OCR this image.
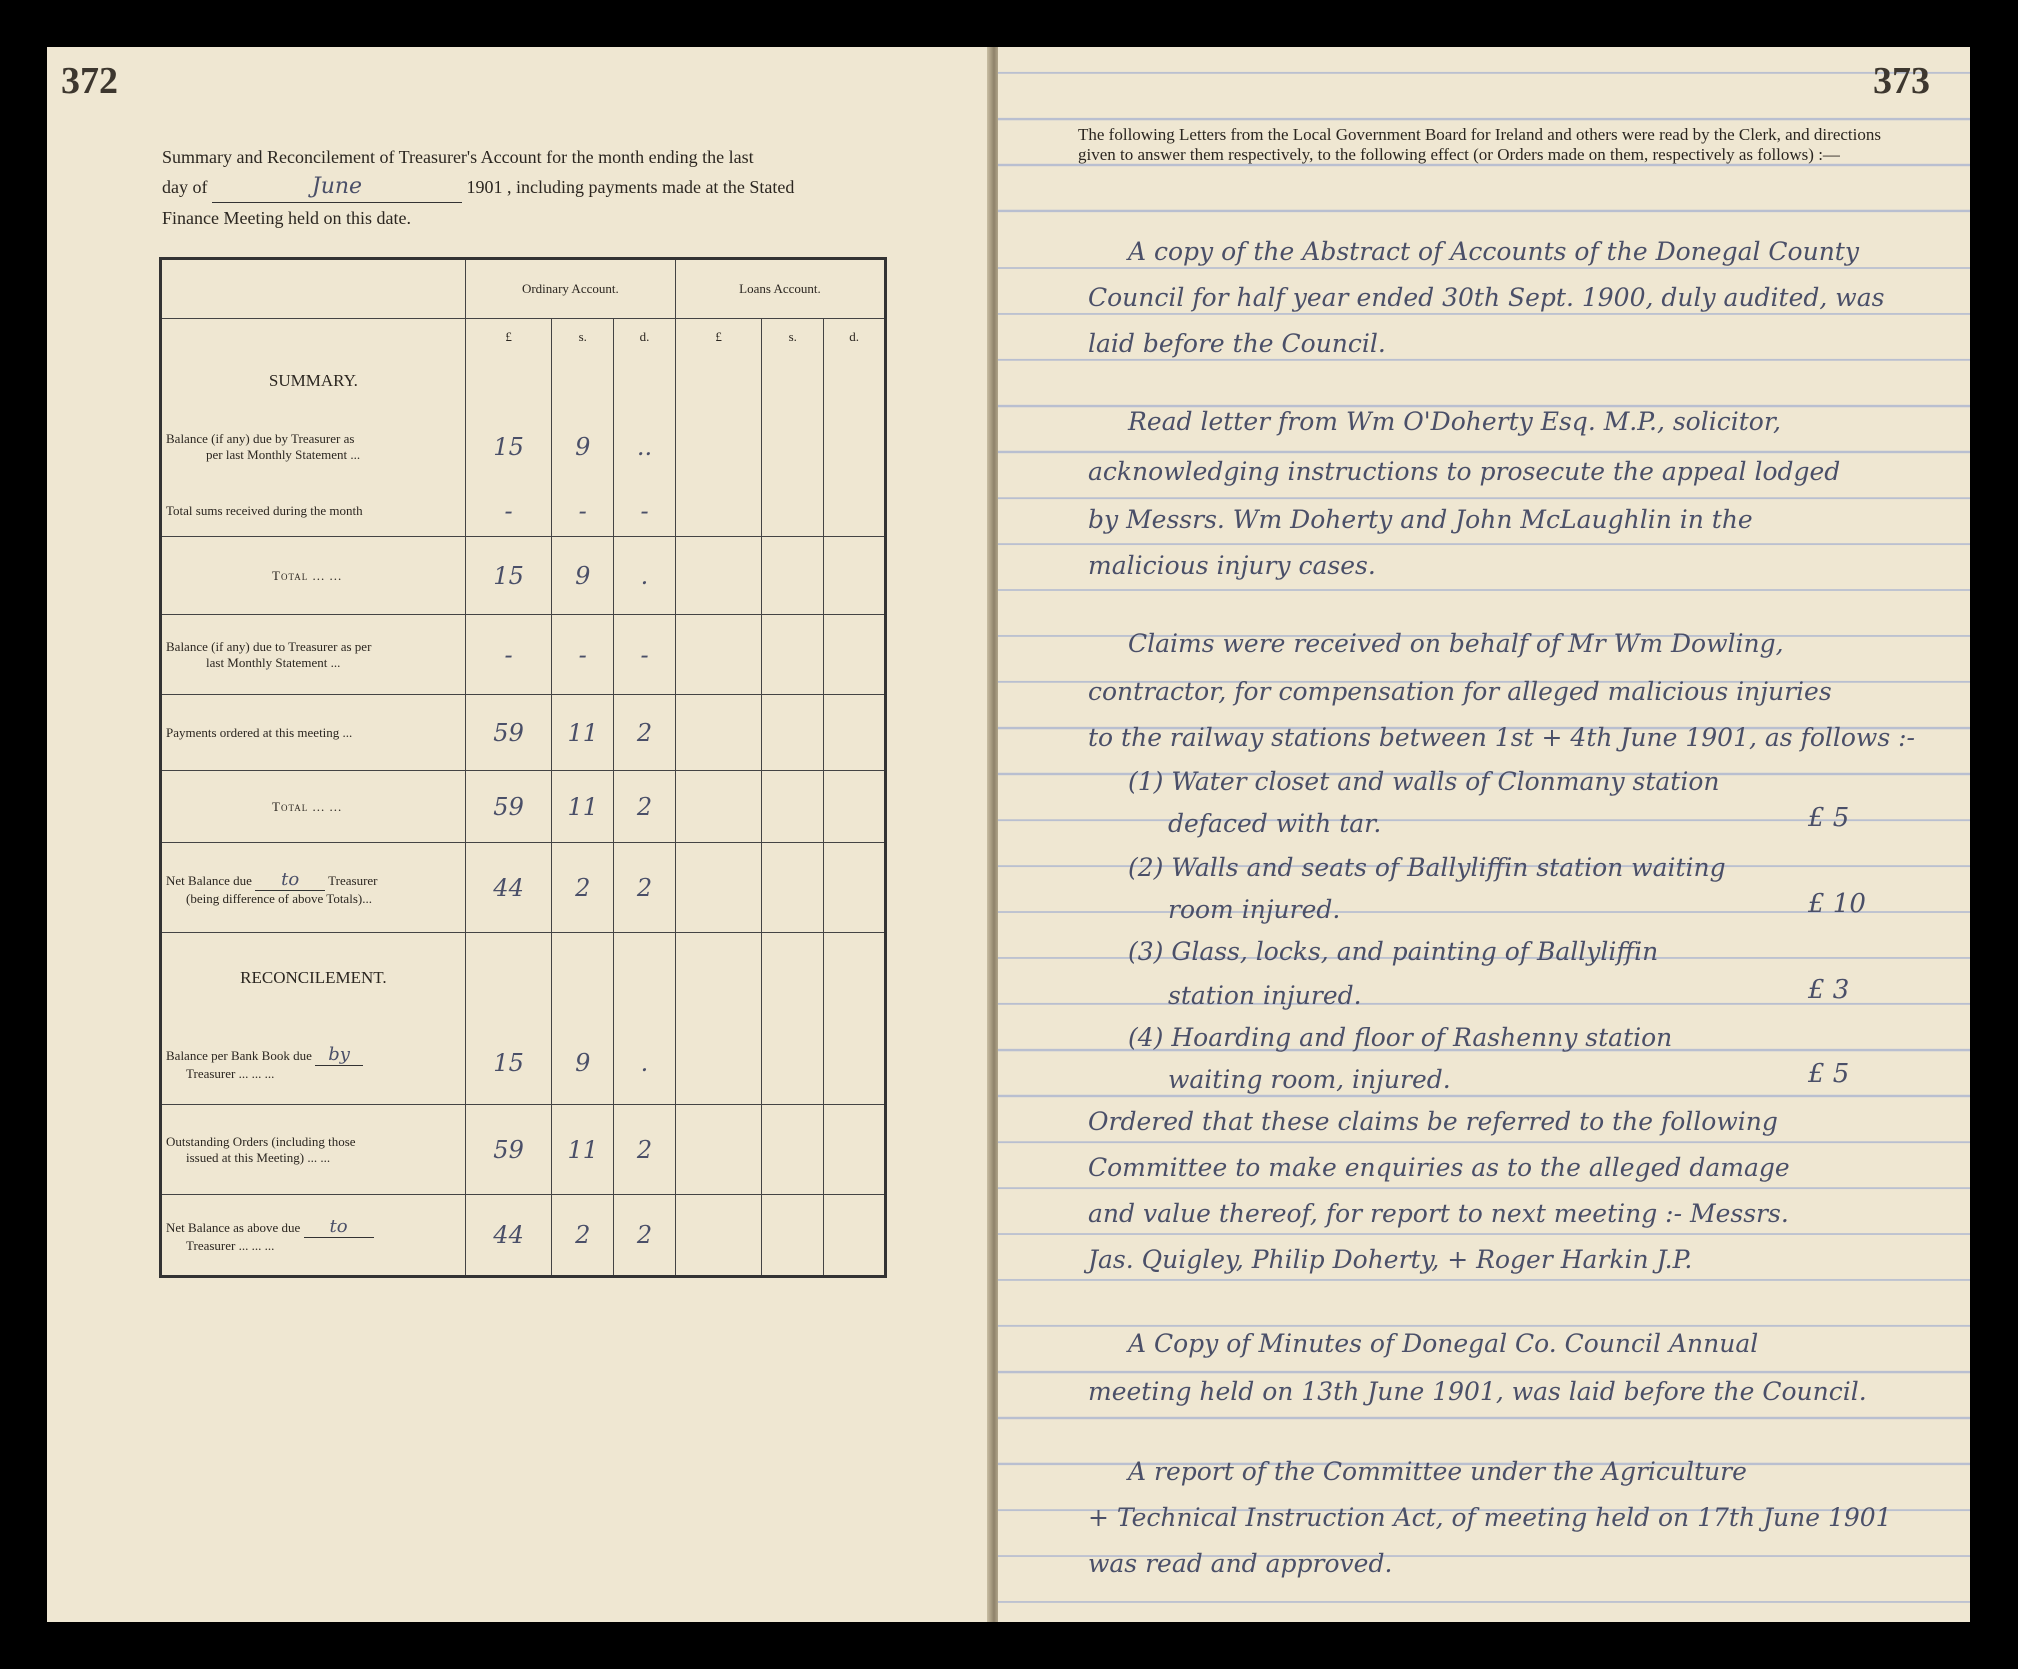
372
Summary and Reconcilement of Treasurer's Account for the month ending the last
day of	June	1901 , including payments made at the Stated
Finance Meeting held on this date.
	Ordinary Account.			Loans Account.		
	£	s.	d.	£	s.	d.
SUMMARY.						
Balance (if any) due by Treasurer as
per last Monthly Statement ...	15	9	..			
Total sums received during the month	-	-	-			
Total ... ...	15	9	.			
Balance (if any) due to Treasurer as per
last Monthly Statement ...	-	-	-			
Payments ordered at this meeting ...	59	11	2			
Total ... ...	59	11	2			
Net Balance due to Treasurer
(being difference of above Totals)...	44	2	2			
RECONCILEMENT.						
Balance per Bank Book due by
Treasurer ... ... ...	15	9	.			
Outstanding Orders (including those
issued at this Meeting) ... ...	59	11	2			
Net Balance as above due to
Treasurer ... ... ...	44	2	2			
373
The following Letters from the Local Government Board for Ireland and others were read by the Clerk, and directions given to answer them respectively, to the following effect (or Orders made on them, respectively as follows) :—
A copy of the Abstract of Accounts of the Donegal County
Council for half year ended 30th Sept. 1900, duly audited, was
laid before the Council.
Read letter from Wm O'Doherty Esq. M.P., solicitor,
acknowledging instructions to prosecute the appeal lodged
by Messrs. Wm Doherty and John McLaughlin in the
malicious injury cases.
Claims were received on behalf of Mr Wm Dowling,
contractor, for compensation for alleged malicious injuries
to the railway stations between 1st + 4th June 1901, as follows :-
(1) Water closet and walls of Clonmany station
defaced with tar.	£ 5
(2) Walls and seats of Ballyliffin station waiting
room injured.	£ 10
(3) Glass, locks, and painting of Ballyliffin
station injured.	£ 3
(4) Hoarding and floor of Rashenny station
waiting room, injured.	£ 5
Ordered that these claims be referred to the following
Committee to make enquiries as to the alleged damage
and value thereof, for report to next meeting :- Messrs.
Jas. Quigley, Philip Doherty, + Roger Harkin J.P.
A Copy of Minutes of Donegal Co. Council Annual
meeting held on 13th June 1901, was laid before the Council.
A report of the Committee under the Agriculture
+ Technical Instruction Act, of meeting held on 17th June 1901
was read and approved.
